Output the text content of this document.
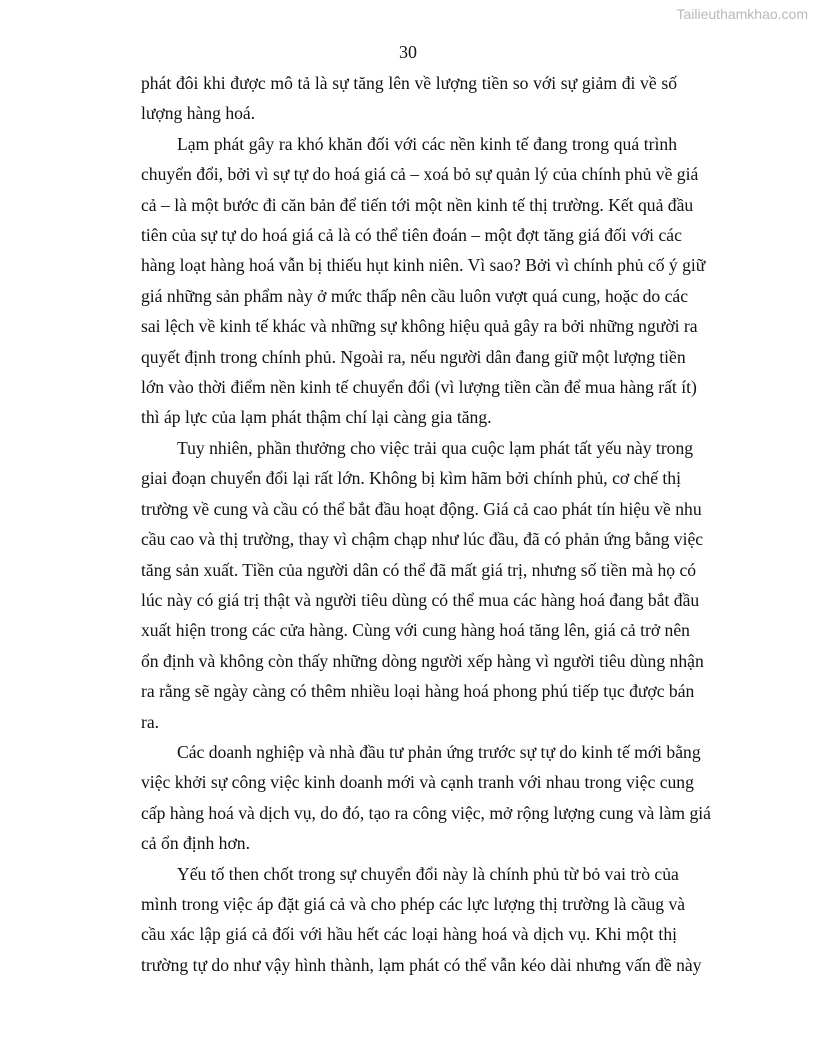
Tailieuthamkhao.com
30
phát đôi khi được mô tả là sự tăng lên về lượng tiền so với sự giảm đi về số
lượng hàng hoá.
Lạm phát gây ra khó khăn đối với các nền kinh tế đang trong quá trình
chuyển đổi, bởi vì sự tự do hoá giá cả – xoá bỏ sự quản lý của chính phủ về giá
cả – là một bước đi căn bản để tiến tới một nền kinh tế thị trường. Kết quả đầu
tiên của sự tự do hoá giá cả là có thể tiên đoán – một đợt tăng giá đối với các
hàng loạt hàng hoá vẫn bị thiếu hụt kinh niên. Vì sao? Bởi vì chính phủ cố ý giữ
giá những sản phẩm này ở mức thấp nên cầu luôn vượt quá cung, hoặc do các
sai lệch về kinh tế khác và những sự không hiệu quả gây ra bởi những người ra
quyết định trong chính phủ. Ngoài ra, nếu người dân đang giữ một lượng tiền
lớn vào thời điểm nền kinh tế chuyển đổi (vì lượng tiền cần để mua hàng rất ít)
thì áp lực của lạm phát thậm chí lại càng gia tăng.
Tuy nhiên, phần thưởng cho việc trải qua cuộc lạm phát tất yếu này trong
giai đoạn chuyển đổi lại rất lớn. Không bị kìm hãm bởi chính phủ, cơ chế thị
trường về cung và cầu có thể bắt đầu hoạt động. Giá cả cao phát tín hiệu về nhu
cầu cao và thị trường, thay vì chậm chạp như lúc đầu, đã có phản ứng bằng việc
tăng sản xuất. Tiền của người dân có thể đã mất giá trị, nhưng số tiền mà họ có
lúc này có giá trị thật và người tiêu dùng có thể mua các hàng hoá đang bắt đầu
xuất hiện trong các cửa hàng. Cùng với cung hàng hoá tăng lên, giá cả trở nên
ổn định và không còn thấy những dòng người xếp hàng vì người tiêu dùng nhận
ra rằng sẽ ngày càng có thêm nhiều loại hàng hoá phong phú tiếp tục được bán
ra.
Các doanh nghiệp và nhà đầu tư phản ứng trước sự tự do kinh tế mới bằng
việc khởi sự công việc kinh doanh mới và cạnh tranh với nhau trong việc cung
cấp hàng hoá và dịch vụ, do đó, tạo ra công việc, mở rộng lượng cung và làm giá
cả ổn định hơn.
Yếu tố then chốt trong sự chuyển đổi này là chính phủ từ bỏ vai trò của
mình trong việc áp đặt giá cả và cho phép các lực lượng thị trường là cầug và
cầu xác lập giá cả đối với hầu hết các loại hàng hoá và dịch vụ. Khi một thị
trường tự do như vậy hình thành, lạm phát có thể vẫn kéo dài nhưng vấn đề này
